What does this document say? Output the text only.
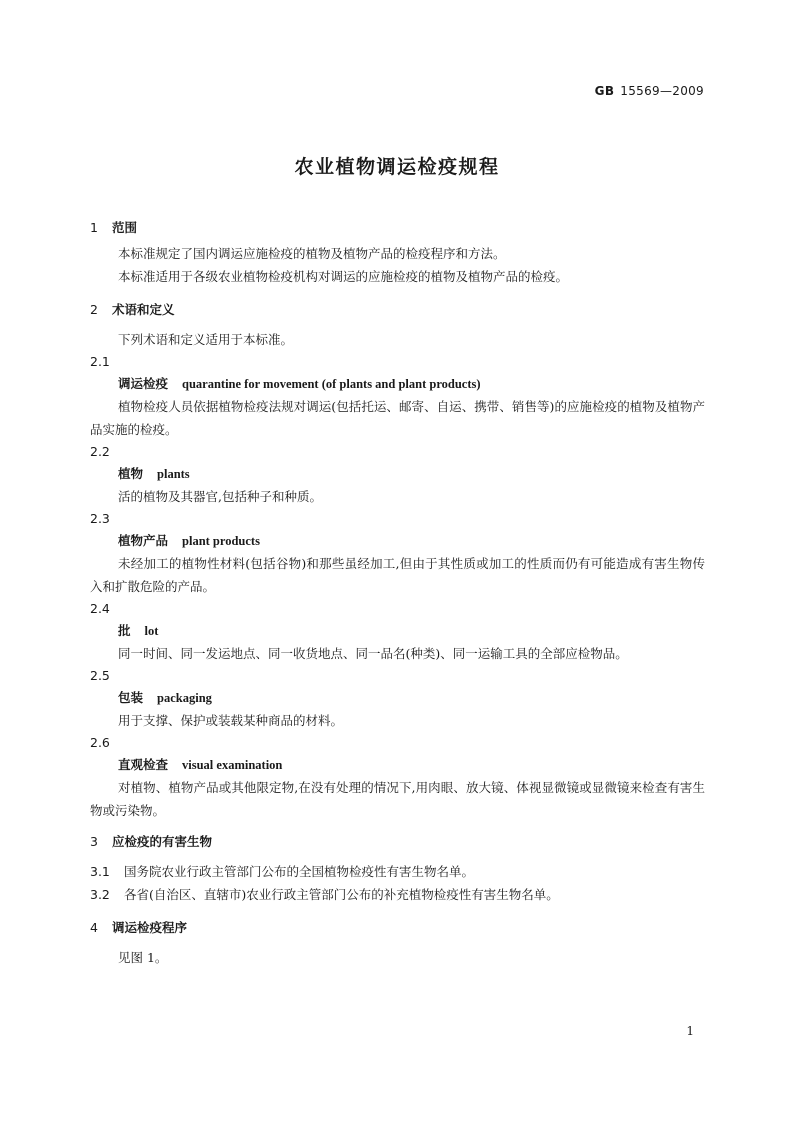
GB 15569—2009
农业植物调运检疫规程
1 范围
本标准规定了国内调运应施检疫的植物及植物产品的检疫程序和方法。
本标准适用于各级农业植物检疫机构对调运的应施检疫的植物及植物产品的检疫。
2 术语和定义
下列术语和定义适用于本标准。
2.1
调运检疫 quarantine for movement (of plants and plant products)
植物检疫人员依据植物检疫法规对调运(包括托运、邮寄、自运、携带、销售等)的应施检疫的植物及植物产品实施的检疫。
2.2
植物 plants
活的植物及其器官,包括种子和种质。
2.3
植物产品 plant products
未经加工的植物性材料(包括谷物)和那些虽经加工,但由于其性质或加工的性质而仍有可能造成有害生物传入和扩散危险的产品。
2.4
批 lot
同一时间、同一发运地点、同一收货地点、同一品名(种类)、同一运输工具的全部应检物品。
2.5
包装 packaging
用于支撑、保护或装载某种商品的材料。
2.6
直观检查 visual examination
对植物、植物产品或其他限定物,在没有处理的情况下,用肉眼、放大镜、体视显微镜或显微镜来检查有害生物或污染物。
3 应检疫的有害生物
3.1 国务院农业行政主管部门公布的全国植物检疫性有害生物名单。
3.2 各省(自治区、直辖市)农业行政主管部门公布的补充植物检疫性有害生物名单。
4 调运检疫程序
见图 1。
1
